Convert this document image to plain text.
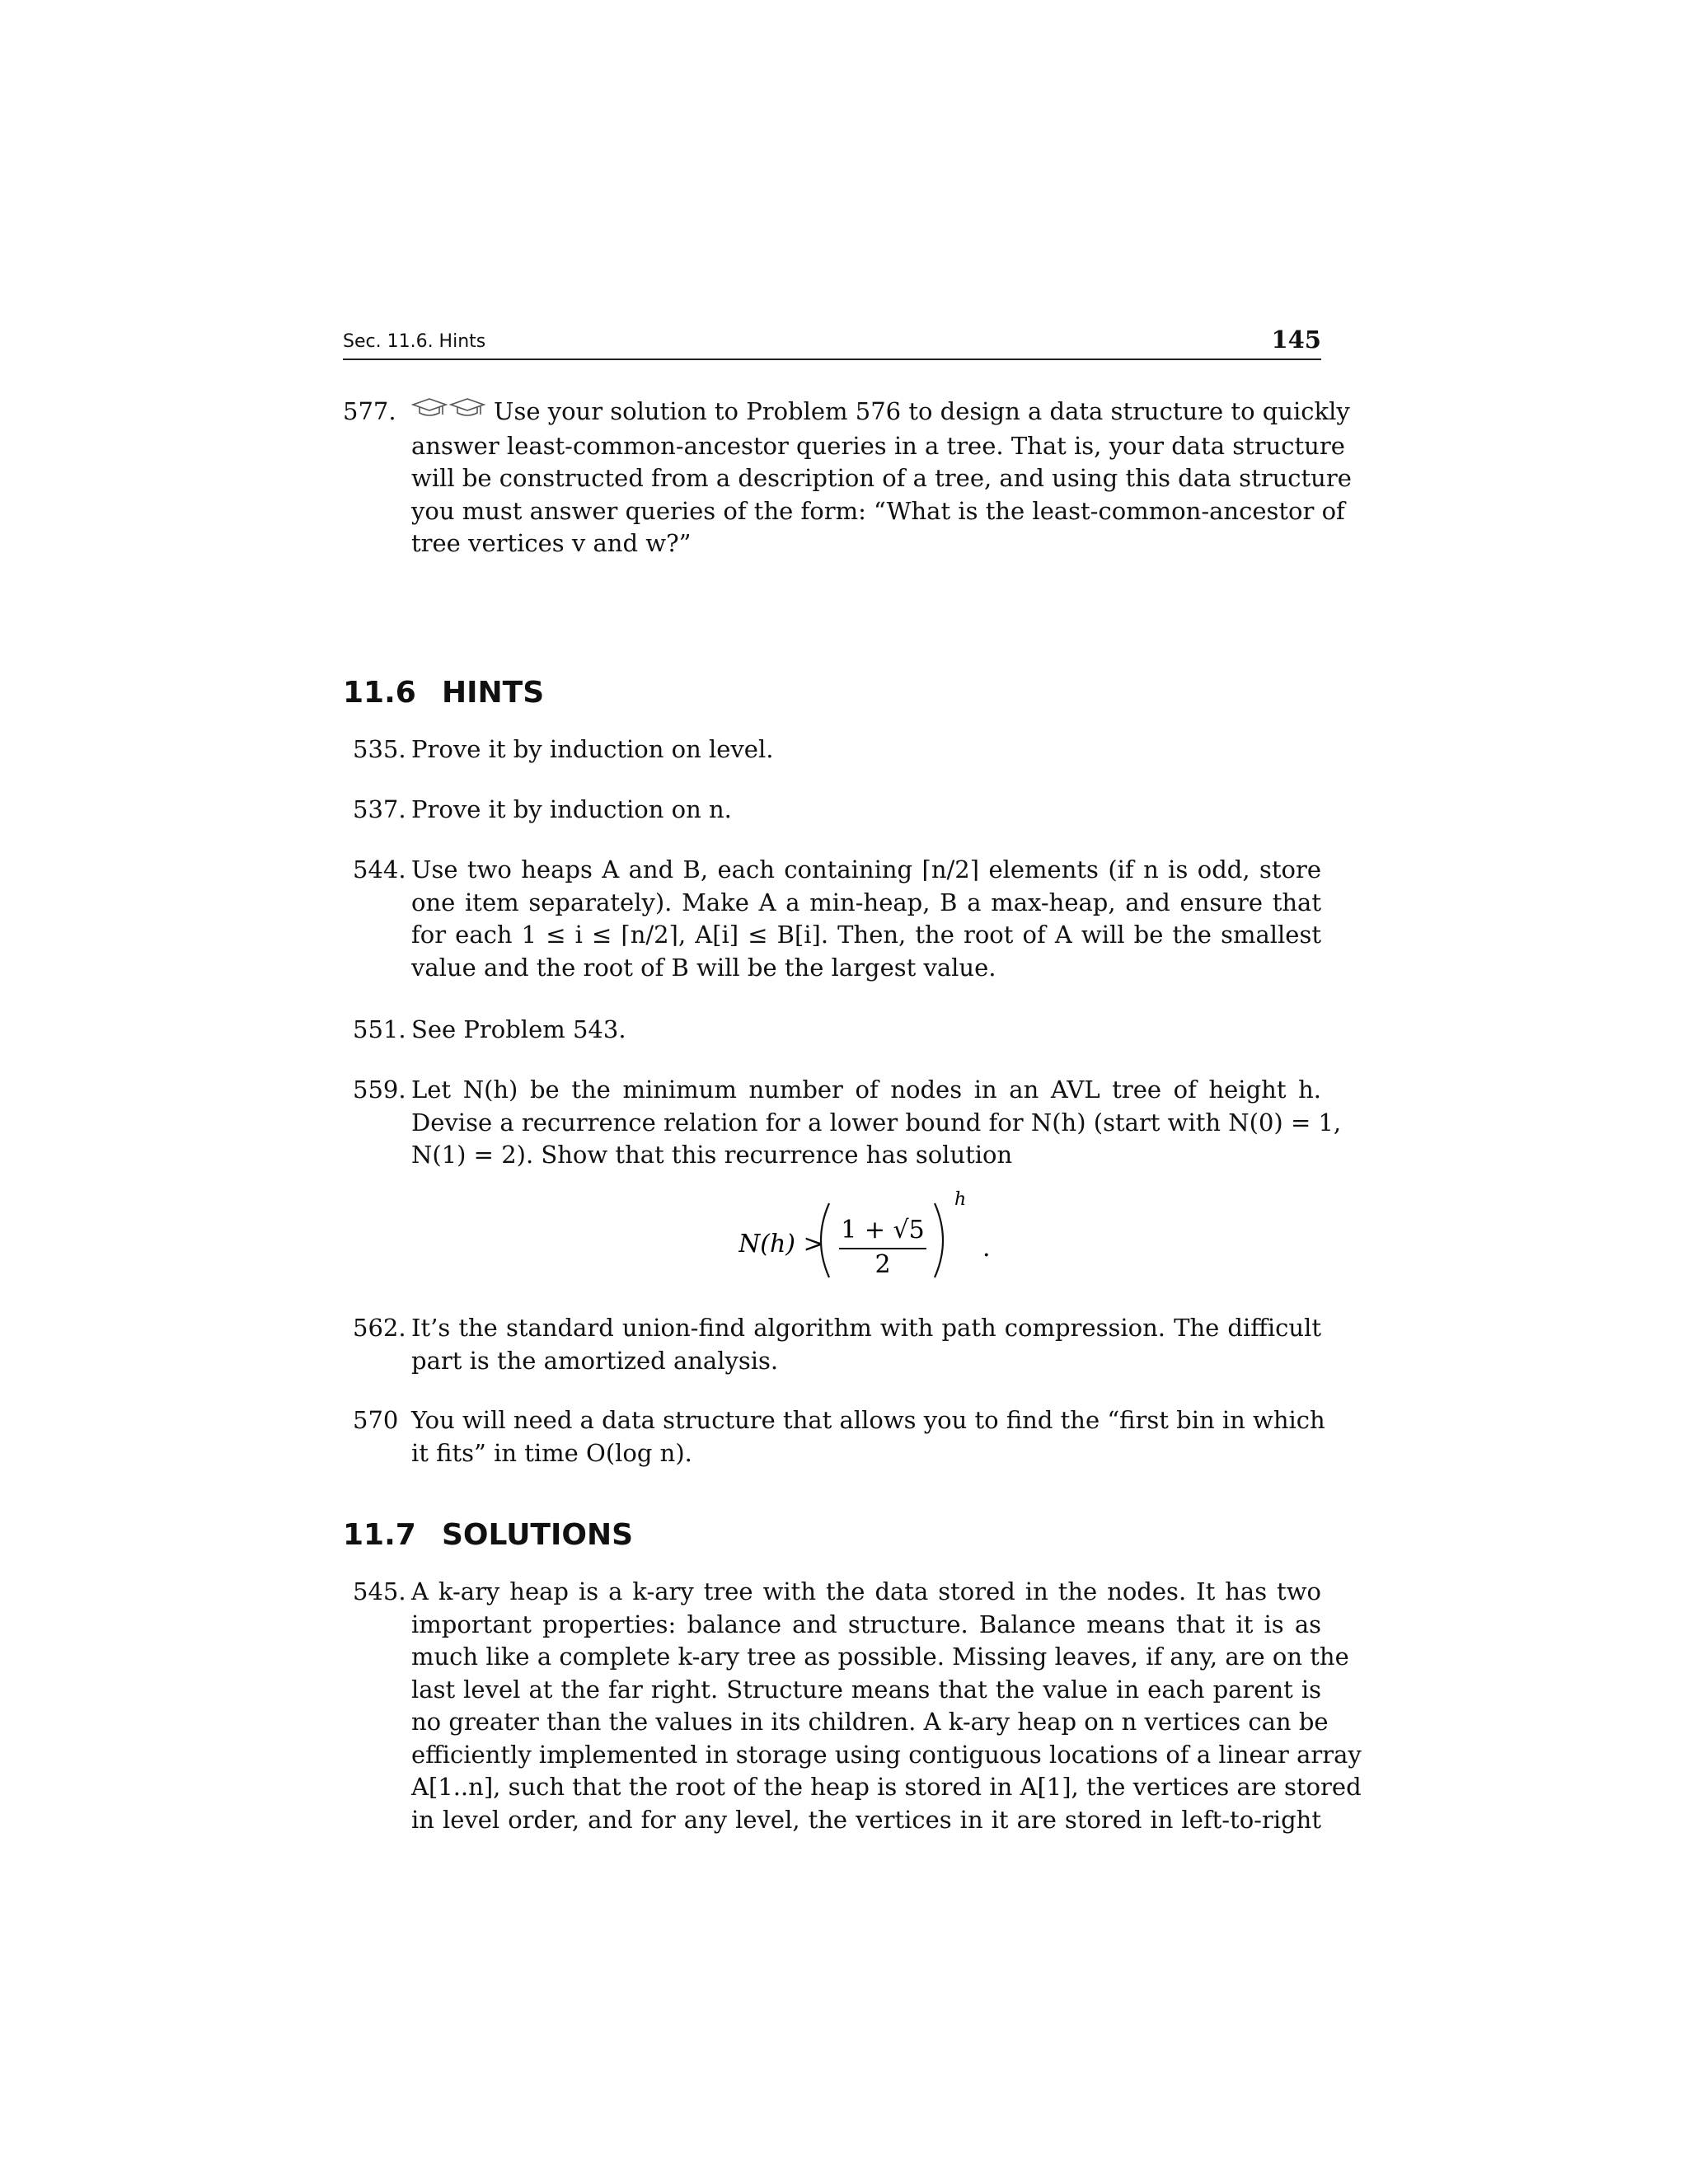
Sec. 11.6. Hints	145
577.	Use your solution to Problem 576 to design a data structure to quickly
answer least-common-ancestor queries in a tree. That is, your data structure
will be constructed from a description of a tree, and using this data structure
you must answer queries of the form: “What is the least-common-ancestor of
tree vertices v and w?”
11.6 HINTS
535. Prove it by induction on level.
537. Prove it by induction on n.
544. Use two heaps A and B, each containing ⌈n/2⌉ elements (if n is odd, store
one item separately). Make A a min-heap, B a max-heap, and ensure that
for each 1 ≤ i ≤ ⌈n/2⌉, A[i] ≤ B[i]. Then, the root of A will be the smallest
value and the root of B will be the largest value.
551. See Problem 543.
559. Let N(h) be the minimum number of nodes in an AVL tree of height h.
Devise a recurrence relation for a lower bound for N(h) (start with N(0) = 1,
N(1) = 2). Show that this recurrence has solution
N(h) > 1 + √5
2
h
.
562. It’s the standard union-find algorithm with path compression. The difficult
part is the amortized analysis.
570 You will need a data structure that allows you to find the “first bin in which
it fits” in time O(log n).
11.7 SOLUTIONS
545. A k-ary heap is a k-ary tree with the data stored in the nodes. It has two
important properties: balance and structure. Balance means that it is as
much like a complete k-ary tree as possible. Missing leaves, if any, are on the
last level at the far right. Structure means that the value in each parent is
no greater than the values in its children. A k-ary heap on n vertices can be
efficiently implemented in storage using contiguous locations of a linear array
A[1..n], such that the root of the heap is stored in A[1], the vertices are stored
in level order, and for any level, the vertices in it are stored in left-to-right
